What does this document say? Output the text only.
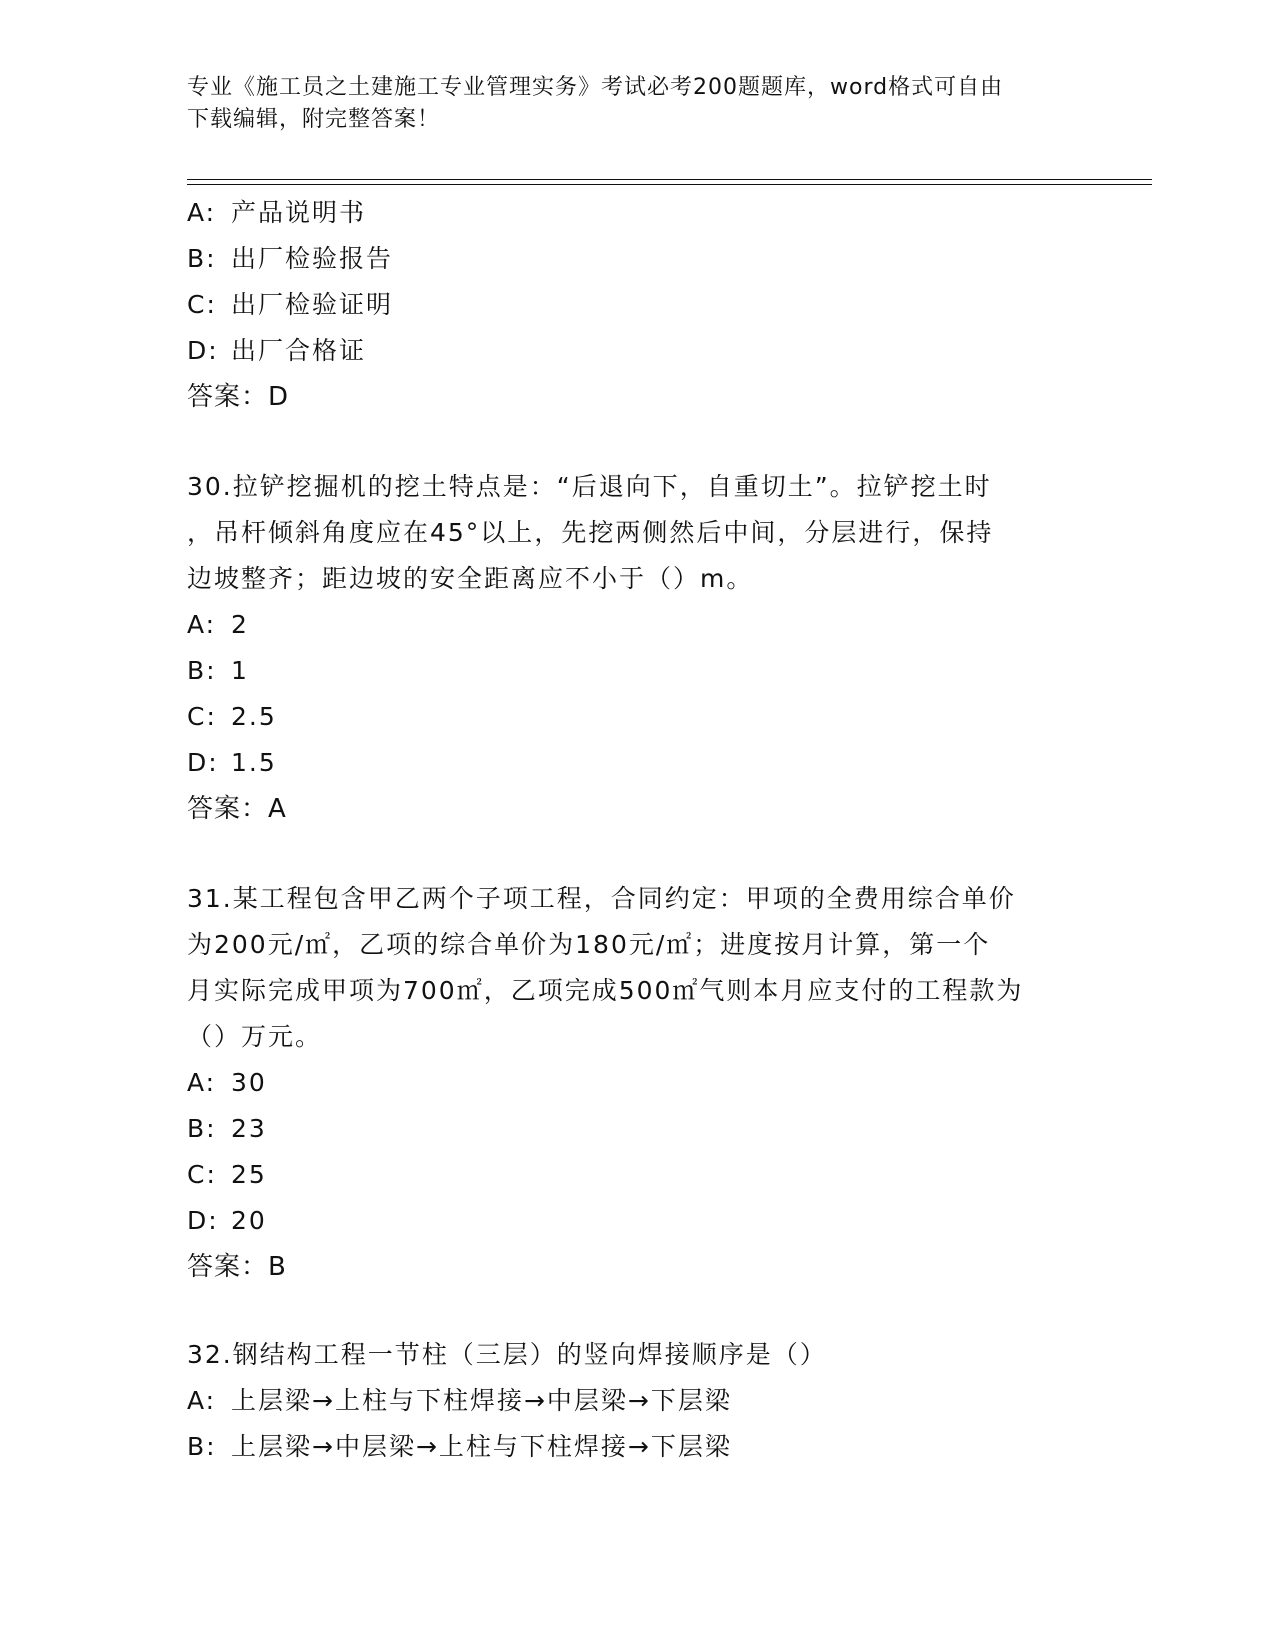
专业《施工员之土建施工专业管理实务》考试必考200题题库，word格式可自由
下载编辑，附完整答案！
A: 产品说明书
B: 出厂检验报告
C: 出厂检验证明
D: 出厂合格证
答案：D
30.拉铲挖掘机的挖土特点是：“后退向下，自重切土”。拉铲挖土时
，吊杆倾斜角度应在45°以上，先挖两侧然后中间，分层进行，保持
边坡整齐；距边坡的安全距离应不小于（）m。
A: 2
B: 1
C: 2.5
D: 1.5
答案：A
31.某工程包含甲乙两个子项工程，合同约定：甲项的全费用综合单价
为200元/㎡，乙项的综合单价为180元/㎡；进度按月计算，第一个
月实际完成甲项为700㎡，乙项完成500㎡气则本月应支付的工程款为
（）万元。
A: 30
B: 23
C: 25
D: 20
答案：B
32.钢结构工程一节柱（三层）的竖向焊接顺序是（）
A: 上层梁→上柱与下柱焊接→中层梁→下层梁
B: 上层梁→中层梁→上柱与下柱焊接→下层梁
